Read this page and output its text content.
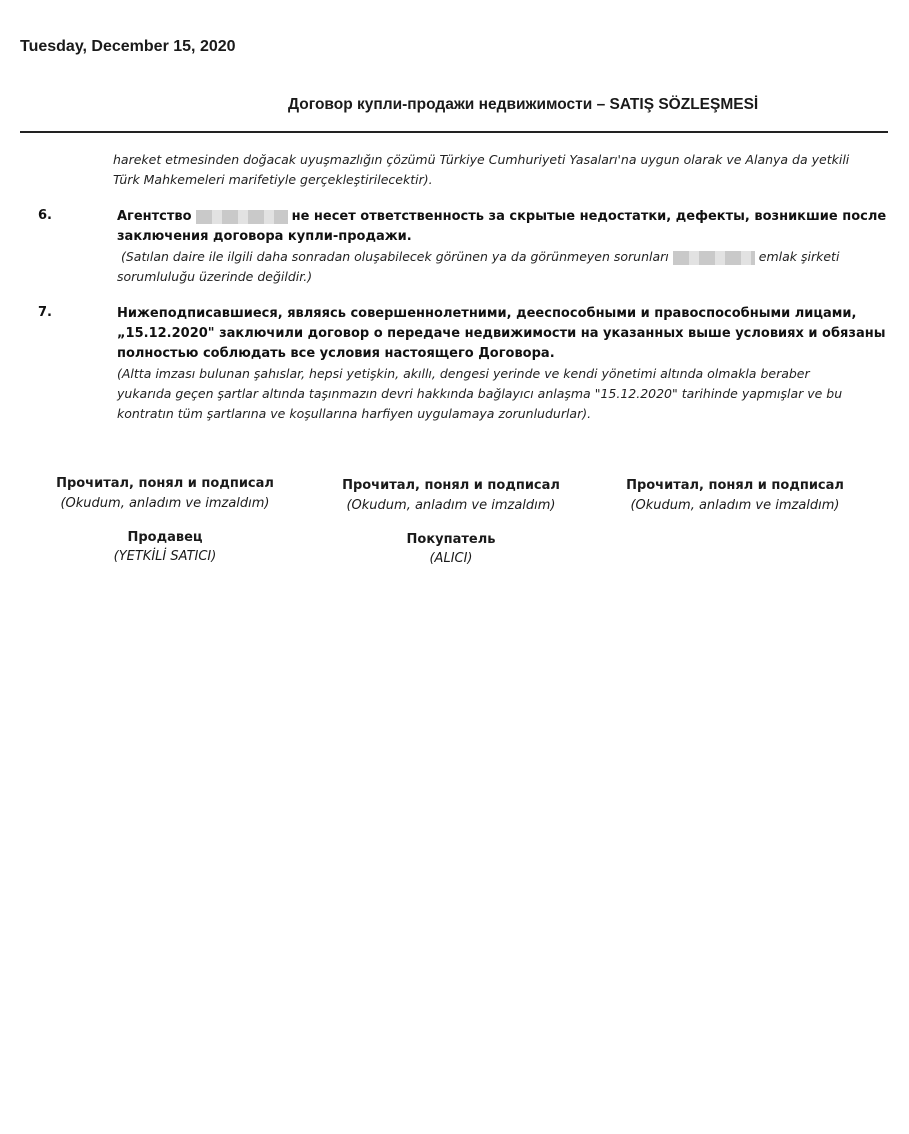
Tuesday, December 15, 2020
Договор купли-продажи недвижимости – SATIŞ SÖZLEŞMESİ
hareket etmesinden doğacak uyuşmazlığın çözümü Türkiye Cumhuriyeti Yasaları'na uygun olarak ve Alanya da yetkili
Türk Mahkemeleri marifetiyle gerçekleştirilecektir).
6.	Агентство	не несет ответственность за скрытые недостатки, дефекты, возникшие после
заключения договора купли-продажи.
(Satılan daire ile ilgili daha sonradan oluşabilecek görünen ya da görünmeyen sorunları	emlak şirketi
sorumluluğu üzerinde değildir.)
7.	Нижеподписавшиеся, являясь совершеннолетними, дееспособными и правоспособными лицами,
„15.12.2020" заключили договор о передаче недвижимости на указанных выше условиях и обязаны
полностью соблюдать все условия настоящего Договора.
(Altta imzası bulunan şahıslar, hepsi yetişkin, akıllı, dengesi yerinde ve kendi yönetimi altında olmakla beraber
yukarıda geçen şartlar altında taşınmazın devri hakkında bağlayıcı anlaşma "15.12.2020" tarihinde yapmışlar ve bu
kontratın tüm şartlarına ve koşullarına harfiyen uygulamaya zorunludurlar).
Прочитал, понял и подписал
(Okudum, anladım ve imzaldım)
Продавец
(YETKİLİ SATICI)
Прочитал, понял и подписал
(Okudum, anladım ve imzaldım)
Покупатель
(ALICI)
Прочитал, понял и подписал
(Okudum, anladım ve imzaldım)
